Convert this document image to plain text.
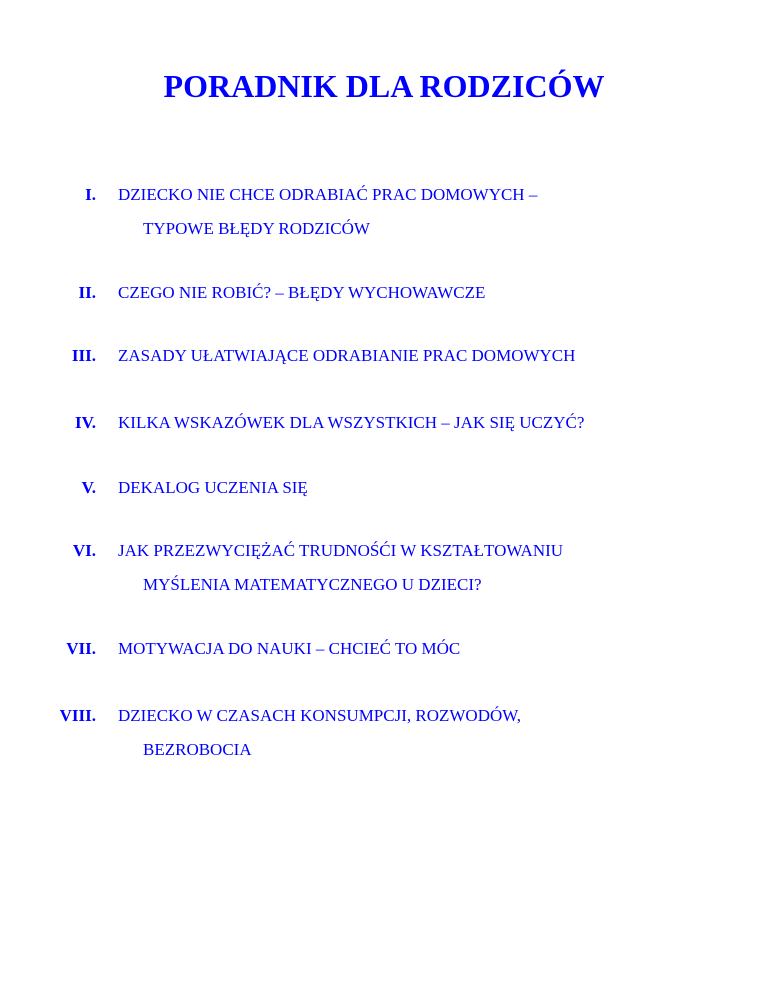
PORADNIK DLA RODZICÓW
I. DZIECKO NIE CHCE ODRABIAĆ PRAC DOMOWYCH –
TYPOWE BŁĘDY RODZICÓW
II. CZEGO NIE ROBIĆ? – BŁĘDY WYCHOWAWCZE
III. ZASADY UŁATWIAJĄCE ODRABIANIE PRAC DOMOWYCH
IV. KILKA WSKAZÓWEK DLA WSZYSTKICH – JAK SIĘ UCZYĆ?
V. DEKALOG UCZENIA SIĘ
VI. JAK PRZEZWYCIĘŻAĆ TRUDNOŚĆI W KSZTAŁTOWANIU
MYŚLENIA MATEMATYCZNEGO U DZIECI?
VII. MOTYWACJA DO NAUKI – CHCIEĆ TO MÓC
VIII. DZIECKO W CZASACH KONSUMPCJI, ROZWODÓW,
BEZROBOCIA
